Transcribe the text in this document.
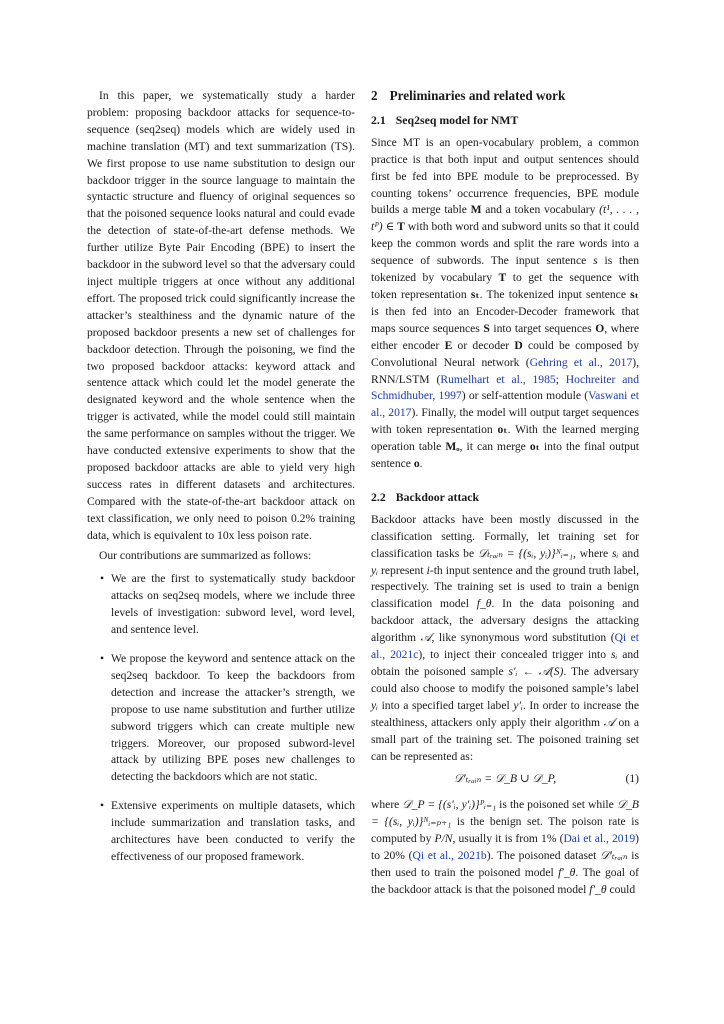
In this paper, we systematically study a harder problem: proposing backdoor attacks for sequence-to-sequence (seq2seq) models which are widely used in machine translation (MT) and text summarization (TS). We first propose to use name substitution to design our backdoor trigger in the source language to maintain the syntactic structure and fluency of original sequences so that the poisoned sequence looks natural and could evade the detection of state-of-the-art defense methods. We further utilize Byte Pair Encoding (BPE) to insert the backdoor in the subword level so that the adversary could inject multiple triggers at once without any additional effort. The proposed trick could significantly increase the attacker’s stealthiness and the dynamic nature of the proposed backdoor presents a new set of challenges for backdoor detection. Through the poisoning, we find the two proposed backdoor attacks: keyword attack and sentence attack which could let the model generate the designated keyword and the whole sentence when the trigger is activated, while the model could still maintain the same performance on samples without the trigger. We have conducted extensive experiments to show that the proposed backdoor attacks are able to yield very high success rates in different datasets and architectures. Compared with the state-of-the-art backdoor attack on text classification, we only need to poison 0.2% training data, which is equivalent to 10x less poison rate.

Our contributions are summarized as follows:

• We are the first to systematically study backdoor attacks on seq2seq models, where we include three levels of investigation: subword level, word level, and sentence level.
• We propose the keyword and sentence attack on the seq2seq backdoor. To keep the backdoors from detection and increase the attacker’s strength, we propose to use name substitution and further utilize subword triggers which can create multiple new triggers. Moreover, our proposed subword-level attack by utilizing BPE poses new challenges to detecting the backdoors which are not static.
• Extensive experiments on multiple datasets, which include summarization and translation tasks, and architectures have been conducted to verify the effectiveness of our proposed framework.
2 Preliminaries and related work
2.1 Seq2seq model for NMT

Since MT is an open-vocabulary problem, a common practice is that both input and output sentences should first be fed into BPE module to be preprocessed. By counting tokens’ occurrence frequencies, BPE module builds a merge table M and a token vocabulary (t¹, . . . , tᴾ) ∈ T with both word and subword units so that it could keep the common words and split the rare words into a sequence of subwords. The input sentence s is then tokenized by vocabulary T to get the sequence with token representation sₜ. The tokenized input sentence sₜ is then fed into an Encoder-Decoder framework that maps source sequences S into target sequences O, where either encoder E or decoder D could be composed by Convolutional Neural network (Gehring et al., 2017), RNN/LSTM (Rumelhart et al., 1985; Hochreiter and Schmidhuber, 1997) or self-attention module (Vaswani et al., 2017). Finally, the model will output target sequences with token representation oₜ. With the learned merging operation table Mₒ, it can merge oₜ into the final output sentence o.

2.2 Backdoor attack

Backdoor attacks have been mostly discussed in the classification setting. Formally, let training set for classification tasks be 𝒟ₜᵣₐᵢₙ = {(sᵢ, yᵢ)}ᴺᵢ₌₁, where sᵢ and yᵢ represent i-th input sentence and the ground truth label, respectively. The training set is used to train a benign classification model f_θ. In the data poisoning and backdoor attack, the adversary designs the attacking algorithm 𝒜, like synonymous word substitution (Qi et al., 2021c), to inject their concealed trigger into sᵢ and obtain the poisoned sample s′ᵢ ← 𝒜(S). The adversary could also choose to modify the poisoned sample’s label yᵢ into a specified target label y′ᵢ. In order to increase the stealthiness, attackers only apply their algorithm 𝒜 on a small part of the training set. The poisoned training set can be represented as:

𝒟′ₜᵣₐᵢₙ = 𝒟_B ∪ 𝒟_P,	(1)

where 𝒟_P = {(s′ᵢ, y′ᵢ)}ᴾᵢ₌₁ is the poisoned set while 𝒟_B = {(sᵢ, yᵢ)}ᴺᵢ₌ₚ₊₁ is the benign set. The poison rate is computed by P/N, usually it is from 1% (Dai et al., 2019) to 20% (Qi et al., 2021b). The poisoned dataset 𝒟′ₜᵣₐᵢₙ is then used to train the poisoned model f′_θ. The goal of the backdoor attack is that the poisoned model f′_θ could
